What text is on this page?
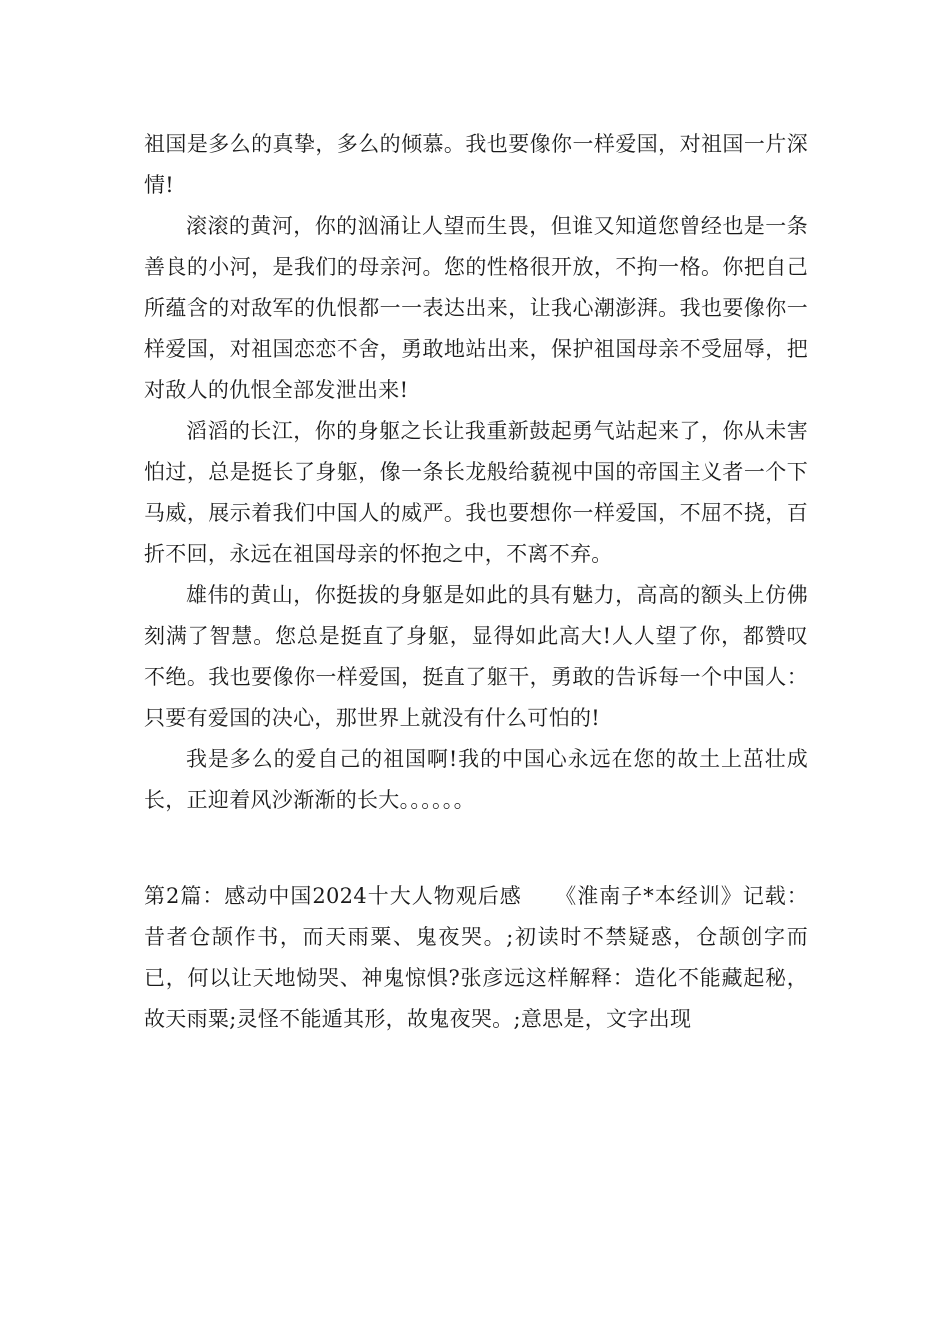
祖国是多么的真挚，多么的倾慕。我也要像你一样爱国，对祖国一片深情!

滚滚的黄河，你的汹涌让人望而生畏，但谁又知道您曾经也是一条善良的小河，是我们的母亲河。您的性格很开放，不拘一格。你把自己所蕴含的对敌军的仇恨都一一表达出来，让我心潮澎湃。我也要像你一样爱国，对祖国恋恋不舍，勇敢地站出来，保护祖国母亲不受屈辱，把对敌人的仇恨全部发泄出来!

滔滔的长江，你的身躯之长让我重新鼓起勇气站起来了，你从未害怕过，总是挺长了身躯，像一条长龙般给藐视中国的帝国主义者一个下马威，展示着我们中国人的威严。我也要想你一样爱国，不屈不挠，百折不回，永远在祖国母亲的怀抱之中，不离不弃。

雄伟的黄山，你挺拔的身躯是如此的具有魅力，高高的额头上仿佛刻满了智慧。您总是挺直了身躯，显得如此高大!人人望了你，都赞叹不绝。我也要像你一样爱国，挺直了躯干，勇敢的告诉每一个中国人：只要有爱国的决心，那世界上就没有什么可怕的!

我是多么的爱自己的祖国啊!我的中国心永远在您的故土上茁壮成长，正迎着风沙渐渐的长大。。。。。。

第2篇：感动中国2024十大人物观后感　　《淮南子*本经训》记载：昔者仓颉作书，而天雨粟、鬼夜哭。;初读时不禁疑惑，仓颉创字而已，何以让天地恸哭、神鬼惊惧?张彦远这样解释：造化不能藏起秘，故天雨粟;灵怪不能遁其形，故鬼夜哭。;意思是，文字出现
